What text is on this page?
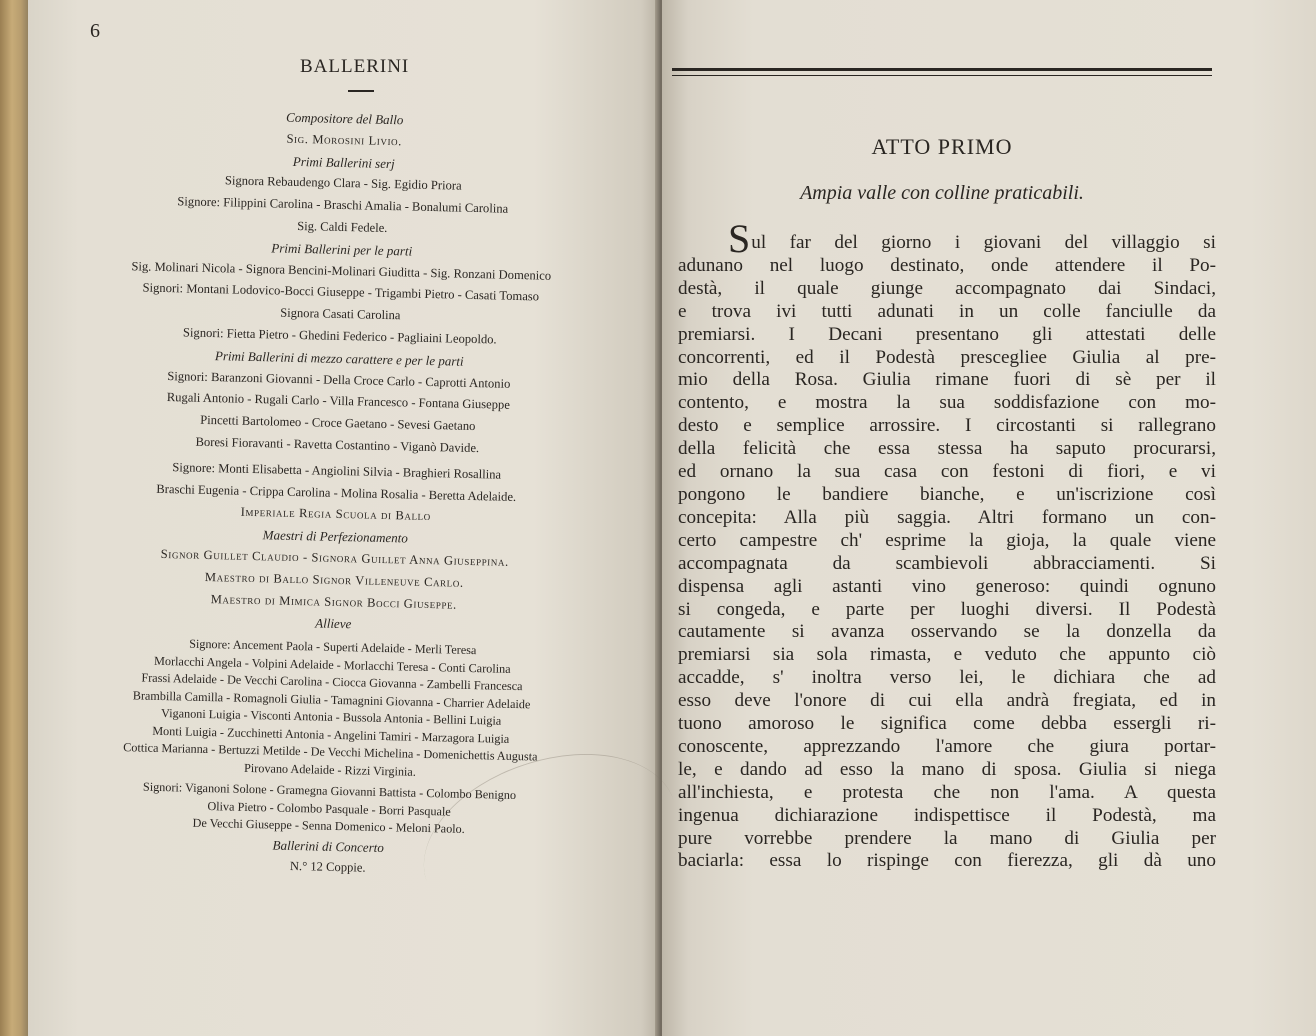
6
BALLERINI
Compositore del Ballo
Sig. Morosini Livio.
Primi Ballerini serj
Signora Rebaudengo Clara - Sig. Egidio Priora
Signore: Filippini Carolina - Braschi Amalia - Bonalumi Carolina
Sig. Caldi Fedele.
Primi Ballerini per le parti
Sig. Molinari Nicola - Signora Bencini-Molinari Giuditta - Sig. Ronzani Domenico
Signori: Montani Lodovico-Bocci Giuseppe - Trigambi Pietro - Casati Tomaso
Signora Casati Carolina
Signori: Fietta Pietro - Ghedini Federico - Pagliaini Leopoldo.
Primi Ballerini di mezzo carattere e per le parti
Signori: Baranzoni Giovanni - Della Croce Carlo - Caprotti Antonio
Rugali Antonio - Rugali Carlo - Villa Francesco - Fontana Giuseppe
Pincetti Bartolomeo - Croce Gaetano - Sevesi Gaetano
Boresi Fioravanti - Ravetta Costantino - Viganò Davide.
Signore: Monti Elisabetta - Angiolini Silvia - Braghieri Rosallina
Braschi Eugenia - Crippa Carolina - Molina Rosalia - Beretta Adelaide.
Imperiale Regia Scuola di Ballo
Maestri di Perfezionamento
Signor Guillet Claudio - Signora Guillet Anna Giuseppina.
Maestro di Ballo Signor Villeneuve Carlo.
Maestro di Mimica Signor Bocci Giuseppe.
Allieve
Signore: Ancement Paola - Superti Adelaide - Merli Teresa
Morlacchi Angela - Volpini Adelaide - Morlacchi Teresa - Conti Carolina
Frassi Adelaide - De Vecchi Carolina - Ciocca Giovanna - Zambelli Francesca
Brambilla Camilla - Romagnoli Giulia - Tamagnini Giovanna - Charrier Adelaide
Viganoni Luigia - Visconti Antonia - Bussola Antonia - Bellini Luigia
Monti Luigia - Zucchinetti Antonia - Angelini Tamiri - Marzagora Luigia
Cottica Marianna - Bertuzzi Metilde - De Vecchi Michelina - Domenichettis Augusta
Pirovano Adelaide - Rizzi Virginia.
Signori: Viganoni Solone - Gramegna Giovanni Battista - Colombo Benigno
Oliva Pietro - Colombo Pasquale - Borri Pasquale
De Vecchi Giuseppe - Senna Domenico - Meloni Paolo.
Ballerini di Concerto
N.° 12 Coppie.
ATTO PRIMO
Ampia valle con colline praticabili.
Sul far del giorno i giovani del villaggio si
adunano nel luogo destinato, onde attendere il Po-
destà, il quale giunge accompagnato dai Sindaci,
e trova ivi tutti adunati in un colle fanciulle da
premiarsi. I Decani presentano gli attestati delle
concorrenti, ed il Podestà prescegliee Giulia al pre-
mio della Rosa. Giulia rimane fuori di sè per il
contento, e mostra la sua soddisfazione con mo-
desto e semplice arrossire. I circostanti si rallegrano
della felicità che essa stessa ha saputo procurarsi,
ed ornano la sua casa con festoni di fiori, e vi
pongono le bandiere bianche, e un'iscrizione così
concepita: Alla più saggia. Altri formano un con-
certo campestre ch' esprime la gioja, la quale viene
accompagnata da scambievoli abbracciamenti. Si
dispensa agli astanti vino generoso: quindi ognuno
si congeda, e parte per luoghi diversi. Il Podestà
cautamente si avanza osservando se la donzella da
premiarsi sia sola rimasta, e veduto che appunto ciò
accadde, s' inoltra verso lei, le dichiara che ad
esso deve l'onore di cui ella andrà fregiata, ed in
tuono amoroso le significa come debba essergli ri-
conoscente, apprezzando l'amore che giura portar-
le, e dando ad esso la mano di sposa. Giulia si niega
all'inchiesta, e protesta che non l'ama. A questa
ingenua dichiarazione indispettisce il Podestà, ma
pure vorrebbe prendere la mano di Giulia per
baciarla: essa lo rispinge con fierezza, gli dà uno
